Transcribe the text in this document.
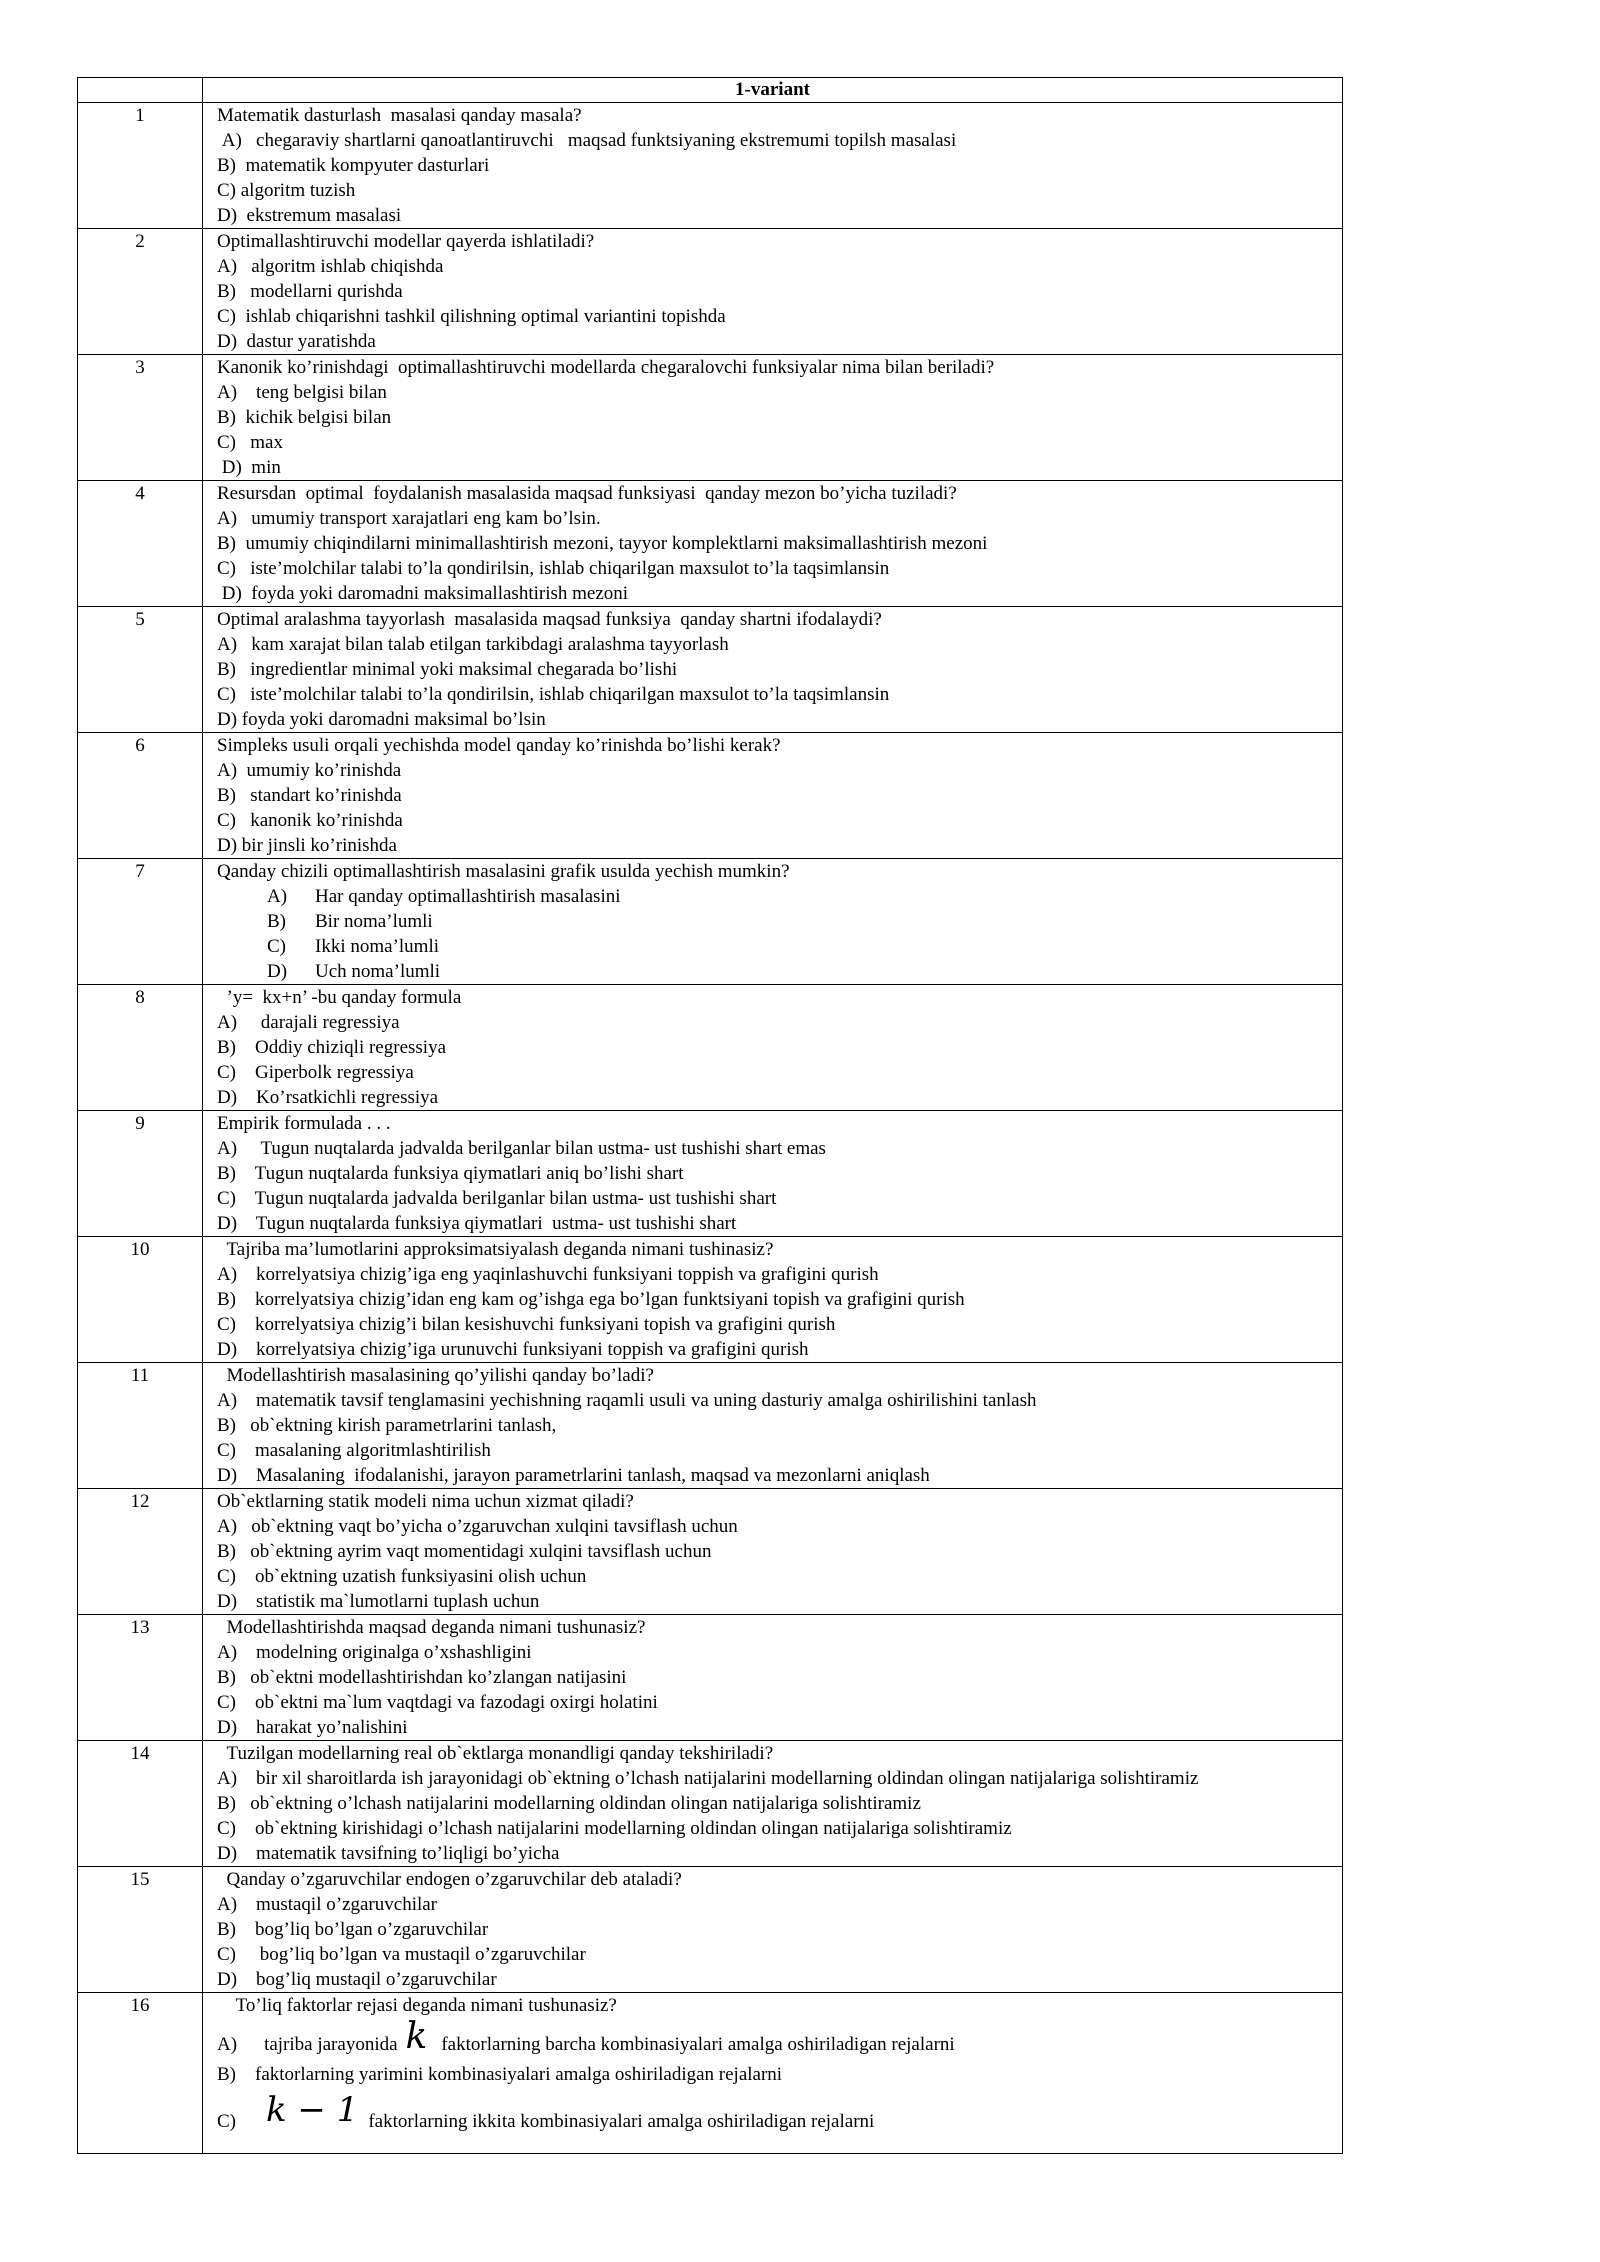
	1-variant
1	Matematik dasturlash  masalasi qanday masala?
A)   chegaraviy shartlarni qanoatlantiruvchi   maqsad funktsiyaning ekstremumi topilsh masalasi
B)  matematik kompyuter dasturlari
C) algoritm tuzish
D)  ekstremum masalasi

2	Optimallashtiruvchi modellar qayerda ishlatiladi?
A)   algoritm ishlab chiqishda
B)   modellarni qurishda
C)  ishlab chiqarishni tashkil qilishning optimal variantini topishda
D)  dastur yaratishda

3	Kanonik ko’rinishdagi  optimallashtiruvchi modellarda chegaralovchi funksiyalar nima bilan beriladi?
A)    teng belgisi bilan
B)  kichik belgisi bilan
C)   max
D)  min

4	Resursdan  optimal  foydalanish masalasida maqsad funksiyasi  qanday mezon bo’yicha tuziladi?
A)   umumiy transport xarajatlari eng kam bo’lsin.
B)  umumiy chiqindilarni minimallashtirish mezoni, tayyor komplektlarni maksimallashtirish mezoni
C)   iste’molchilar talabi to’la qondirilsin, ishlab chiqarilgan maxsulot to’la taqsimlansin
D)  foyda yoki daromadni maksimallashtirish mezoni

5	Optimal aralashma tayyorlash  masalasida maqsad funksiya  qanday shartni ifodalaydi?
A)   kam xarajat bilan talab etilgan tarkibdagi aralashma tayyorlash
B)   ingredientlar minimal yoki maksimal chegarada bo’lishi
C)   iste’molchilar talabi to’la qondirilsin, ishlab chiqarilgan maxsulot to’la taqsimlansin
D) foyda yoki daromadni maksimal bo’lsin

6	Simpleks usuli orqali yechishda model qanday ko’rinishda bo’lishi kerak?
A)  umumiy ko’rinishda
B)   standart ko’rinishda
C)   kanonik ko’rinishda
D) bir jinsli ko’rinishda

7	Qanday chizili optimallashtirish masalasini grafik usulda yechish mumkin?
A) Har qanday optimallashtirish masalasini
B) Bir noma’lumli
C) Ikki noma’lumli
D) Uch noma’lumli

8	’y=  kx+n’ -bu qanday formula
A)     darajali regressiya
B)    Oddiy chiziqli regressiya
C)    Giperbolk regressiya
D)    Ko’rsatkichli regressiya

9	Empirik formulada . . .
A)     Tugun nuqtalarda jadvalda berilganlar bilan ustma- ust tushishi shart emas
B)    Tugun nuqtalarda funksiya qiymatlari aniq bo’lishi shart
C)    Tugun nuqtalarda jadvalda berilganlar bilan ustma- ust tushishi shart
D)    Tugun nuqtalarda funksiya qiymatlari  ustma- ust tushishi shart

10	Tajriba ma’lumotlarini approksimatsiyalash deganda nimani tushinasiz?
A)    korrelyatsiya chizig’iga eng yaqinlashuvchi funksiyani toppish va grafigini qurish
B)    korrelyatsiya chizig’idan eng kam og’ishga ega bo’lgan funktsiyani topish va grafigini qurish
C)    korrelyatsiya chizig’i bilan kesishuvchi funksiyani topish va grafigini qurish
D)    korrelyatsiya chizig’iga urunuvchi funksiyani toppish va grafigini qurish

11	Modellashtirish masalasining qo’yilishi qanday bo’ladi?
A)    matematik tavsif tenglamasini yechishning raqamli usuli va uning dasturiy amalga oshirilishini tanlash
B)   ob`ektning kirish parametrlarini tanlash,
C)    masalaning algoritmlashtirilish
D)    Masalaning  ifodalanishi, jarayon parametrlarini tanlash, maqsad va mezonlarni aniqlash

12	Ob`ektlarning statik modeli nima uchun xizmat qiladi?
A)   ob`ektning vaqt bo’yicha o’zgaruvchan xulqini tavsiflash uchun
B)   ob`ektning ayrim vaqt momentidagi xulqini tavsiflash uchun
C)    ob`ektning uzatish funksiyasini olish uchun
D)    statistik ma`lumotlarni tuplash uchun

13	Modellashtirishda maqsad deganda nimani tushunasiz?
A)    modelning originalga o’xshashligini
B)   ob`ektni modellashtirishdan ko’zlangan natijasini
C)    ob`ektni ma`lum vaqtdagi va fazodagi oxirgi holatini
D)    harakat yo’nalishini

14	Tuzilgan modellarning real ob`ektlarga monandligi qanday tekshiriladi?
A)    bir xil sharoitlarda ish jarayonidagi ob`ektning o’lchash natijalarini modellarning oldindan olingan natijalariga solishtiramiz
B)   ob`ektning o’lchash natijalarini modellarning oldindan olingan natijalariga solishtiramiz
C)    ob`ektning kirishidagi o’lchash natijalarini modellarning oldindan olingan natijalariga solishtiramiz
D)    matematik tavsifning to’liqligi bo’yicha

15	Qanday o’zgaruvchilar endogen o’zgaruvchilar deb ataladi?
A)    mustaqil o’zgaruvchilar
B)    bog’liq bo’lgan o’zgaruvchilar
C)     bog’liq bo’lgan va mustaqil o’zgaruvchilar
D)    bog’liq mustaqil o’zgaruvchilar

16	To’liq faktorlar rejasi deganda nimani tushunasiz?
A) tajriba jarayonida k faktorlarning barcha kombinasiyalari amalga oshiriladigan rejalarni
B)    faktorlarning yarimini kombinasiyalari amalga oshiriladigan rejalarni
C) k − 1 faktorlarning ikkita kombinasiyalari amalga oshiriladigan rejalarni
